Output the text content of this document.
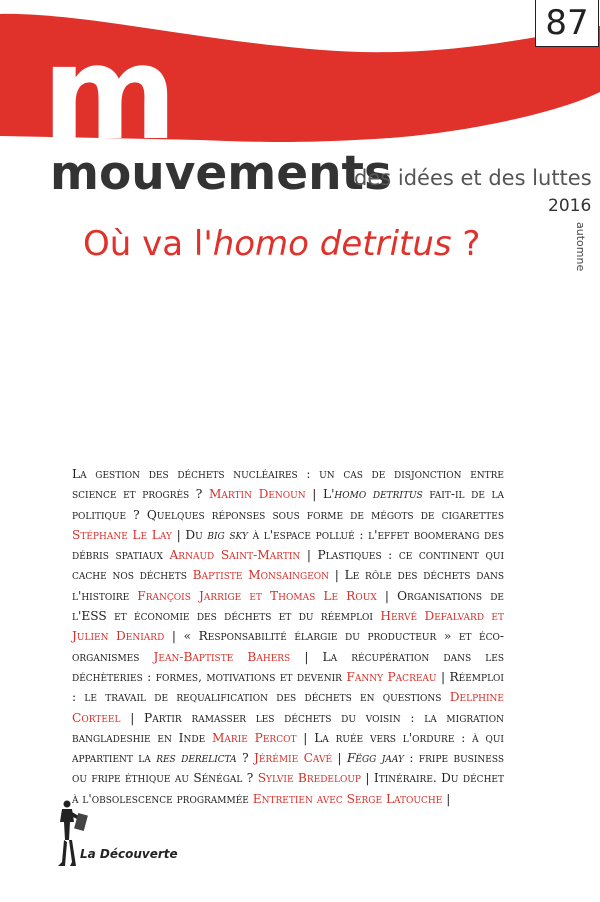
m	87
mouvements
des idées et des luttes
2016
automne
Où va l'homo detritus ?
La gestion des déchets nucléaires : un cas de disjonction entre science et progrès ? Martin Denoun | L'homo detritus fait-il de la politique ? Quelques réponses sous forme de mégots de cigarettes Stéphane Le Lay | Du big sky à l'espace pollué : l'effet boomerang des débris spatiaux Arnaud Saint-Martin | Plastiques : ce continent qui cache nos déchets Baptiste Monsaingeon | Le rôle des déchets dans l'histoire François Jarrige et Thomas Le Roux | Organisations de l'ESS et économie des déchets et du réemploi Hervé Defalvard et Julien Deniard | « Responsabilité élargie du producteur » et éco-organismes Jean-Baptiste Bahers | La récupération dans les déchèteries : formes, motivations et devenir Fanny Pacreau | Réemploi : le travail de requalification des déchets en questions Delphine Corteel | Partir ramasser les déchets du voisin : la migration bangladeshie en Inde Marie Percot | La ruée vers l'ordure : à qui appartient la res derelicta ? Jérémie Cavé | Fëgg jaay : fripe business ou fripe éthique au Sénégal ? Sylvie Bredeloup | Itinéraire. Du déchet à l'obsolescence programmée Entretien avec Serge Latouche |
La Découverte
